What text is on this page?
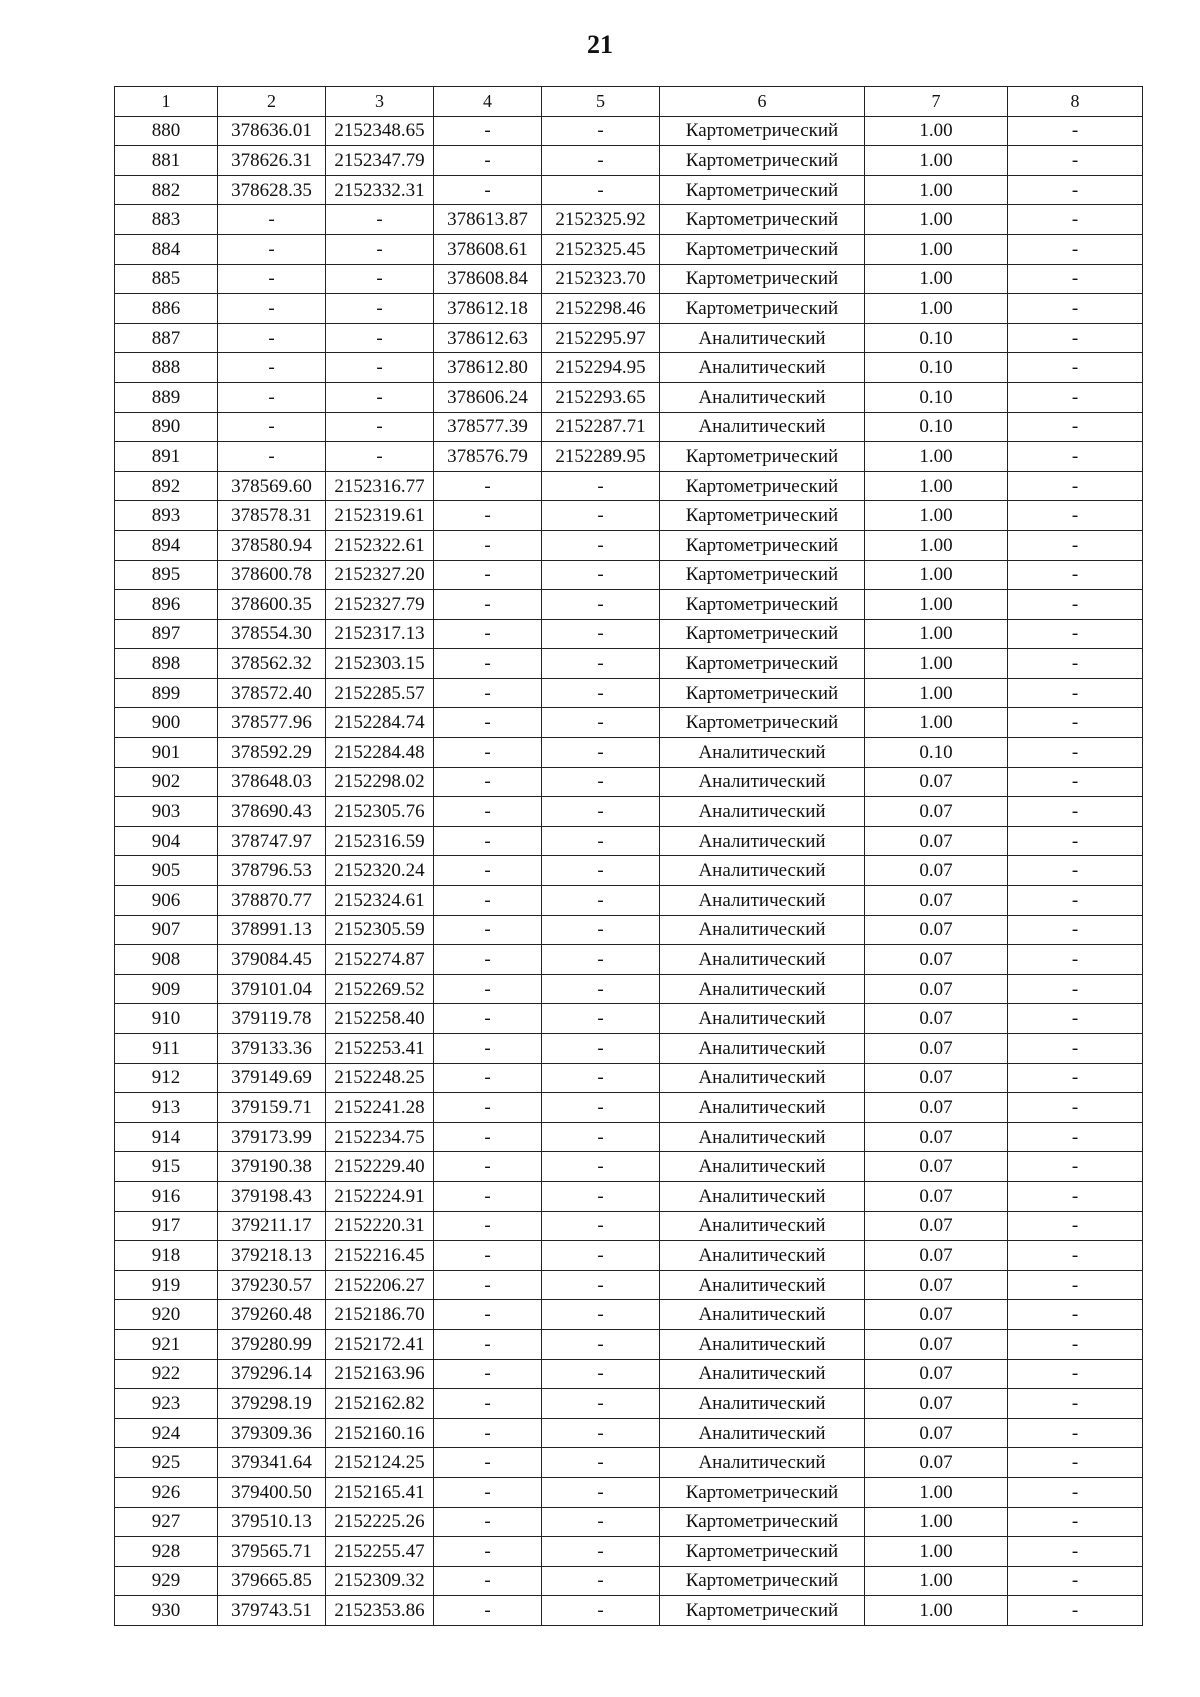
21
1	2	3	4	5	6	7	8
880	378636.01	2152348.65	-	-	Картометрический	1.00	-
881	378626.31	2152347.79	-	-	Картометрический	1.00	-
882	378628.35	2152332.31	-	-	Картометрический	1.00	-
883	-	-	378613.87	2152325.92	Картометрический	1.00	-
884	-	-	378608.61	2152325.45	Картометрический	1.00	-
885	-	-	378608.84	2152323.70	Картометрический	1.00	-
886	-	-	378612.18	2152298.46	Картометрический	1.00	-
887	-	-	378612.63	2152295.97	Аналитический	0.10	-
888	-	-	378612.80	2152294.95	Аналитический	0.10	-
889	-	-	378606.24	2152293.65	Аналитический	0.10	-
890	-	-	378577.39	2152287.71	Аналитический	0.10	-
891	-	-	378576.79	2152289.95	Картометрический	1.00	-
892	378569.60	2152316.77	-	-	Картометрический	1.00	-
893	378578.31	2152319.61	-	-	Картометрический	1.00	-
894	378580.94	2152322.61	-	-	Картометрический	1.00	-
895	378600.78	2152327.20	-	-	Картометрический	1.00	-
896	378600.35	2152327.79	-	-	Картометрический	1.00	-
897	378554.30	2152317.13	-	-	Картометрический	1.00	-
898	378562.32	2152303.15	-	-	Картометрический	1.00	-
899	378572.40	2152285.57	-	-	Картометрический	1.00	-
900	378577.96	2152284.74	-	-	Картометрический	1.00	-
901	378592.29	2152284.48	-	-	Аналитический	0.10	-
902	378648.03	2152298.02	-	-	Аналитический	0.07	-
903	378690.43	2152305.76	-	-	Аналитический	0.07	-
904	378747.97	2152316.59	-	-	Аналитический	0.07	-
905	378796.53	2152320.24	-	-	Аналитический	0.07	-
906	378870.77	2152324.61	-	-	Аналитический	0.07	-
907	378991.13	2152305.59	-	-	Аналитический	0.07	-
908	379084.45	2152274.87	-	-	Аналитический	0.07	-
909	379101.04	2152269.52	-	-	Аналитический	0.07	-
910	379119.78	2152258.40	-	-	Аналитический	0.07	-
911	379133.36	2152253.41	-	-	Аналитический	0.07	-
912	379149.69	2152248.25	-	-	Аналитический	0.07	-
913	379159.71	2152241.28	-	-	Аналитический	0.07	-
914	379173.99	2152234.75	-	-	Аналитический	0.07	-
915	379190.38	2152229.40	-	-	Аналитический	0.07	-
916	379198.43	2152224.91	-	-	Аналитический	0.07	-
917	379211.17	2152220.31	-	-	Аналитический	0.07	-
918	379218.13	2152216.45	-	-	Аналитический	0.07	-
919	379230.57	2152206.27	-	-	Аналитический	0.07	-
920	379260.48	2152186.70	-	-	Аналитический	0.07	-
921	379280.99	2152172.41	-	-	Аналитический	0.07	-
922	379296.14	2152163.96	-	-	Аналитический	0.07	-
923	379298.19	2152162.82	-	-	Аналитический	0.07	-
924	379309.36	2152160.16	-	-	Аналитический	0.07	-
925	379341.64	2152124.25	-	-	Аналитический	0.07	-
926	379400.50	2152165.41	-	-	Картометрический	1.00	-
927	379510.13	2152225.26	-	-	Картометрический	1.00	-
928	379565.71	2152255.47	-	-	Картометрический	1.00	-
929	379665.85	2152309.32	-	-	Картометрический	1.00	-
930	379743.51	2152353.86	-	-	Картометрический	1.00	-
